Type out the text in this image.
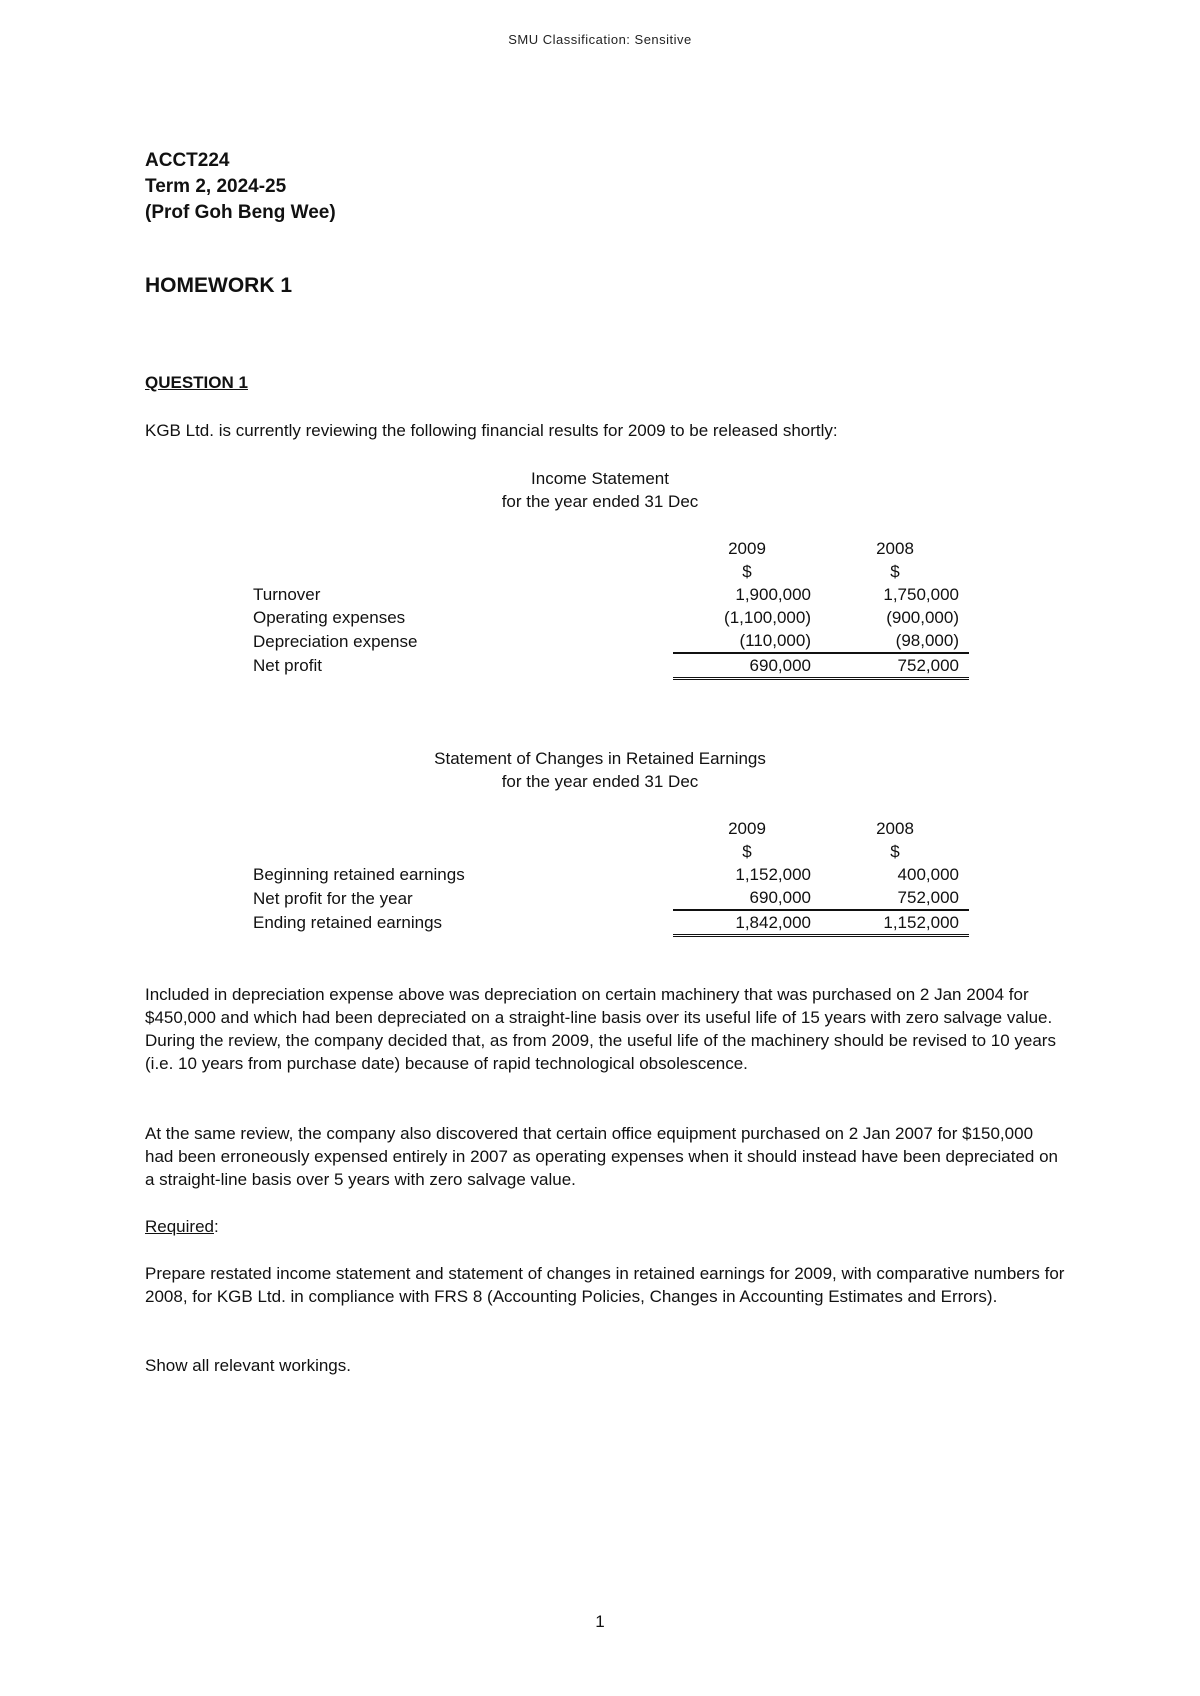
SMU Classification: Sensitive
ACCT224
Term 2, 2024-25
(Prof Goh Beng Wee)
HOMEWORK 1
QUESTION 1
KGB Ltd. is currently reviewing the following financial results for 2009 to be released shortly:
Income Statement
for the year ended 31 Dec
	2009	2008
	$	$
Turnover	1,900,000	1,750,000
Operating expenses	(1,100,000)	(900,000)
Depreciation expense	(110,000)	(98,000)
Net profit	690,000	752,000
Statement of Changes in Retained Earnings
for the year ended 31 Dec
	2009	2008
	$	$
Beginning retained earnings	1,152,000	400,000
Net profit for the year	690,000	752,000
Ending retained earnings	1,842,000	1,152,000

Included in depreciation expense above was depreciation on certain machinery that was purchased on 2 Jan 2004 for $450,000 and which had been depreciated on a straight-line basis over its useful life of 15 years with zero salvage value. During the review, the company decided that, as from 2009, the useful life of the machinery should be revised to 10 years (i.e. 10 years from purchase date) because of rapid technological obsolescence.

At the same review, the company also discovered that certain office equipment purchased on 2 Jan 2007 for $150,000 had been erroneously expensed entirely in 2007 as operating expenses when it should instead have been depreciated on a straight-line basis over 5 years with zero salvage value.

Required:

Prepare restated income statement and statement of changes in retained earnings for 2009, with comparative numbers for 2008, for KGB Ltd. in compliance with FRS 8 (Accounting Policies, Changes in Accounting Estimates and Errors).

Show all relevant workings.

1
